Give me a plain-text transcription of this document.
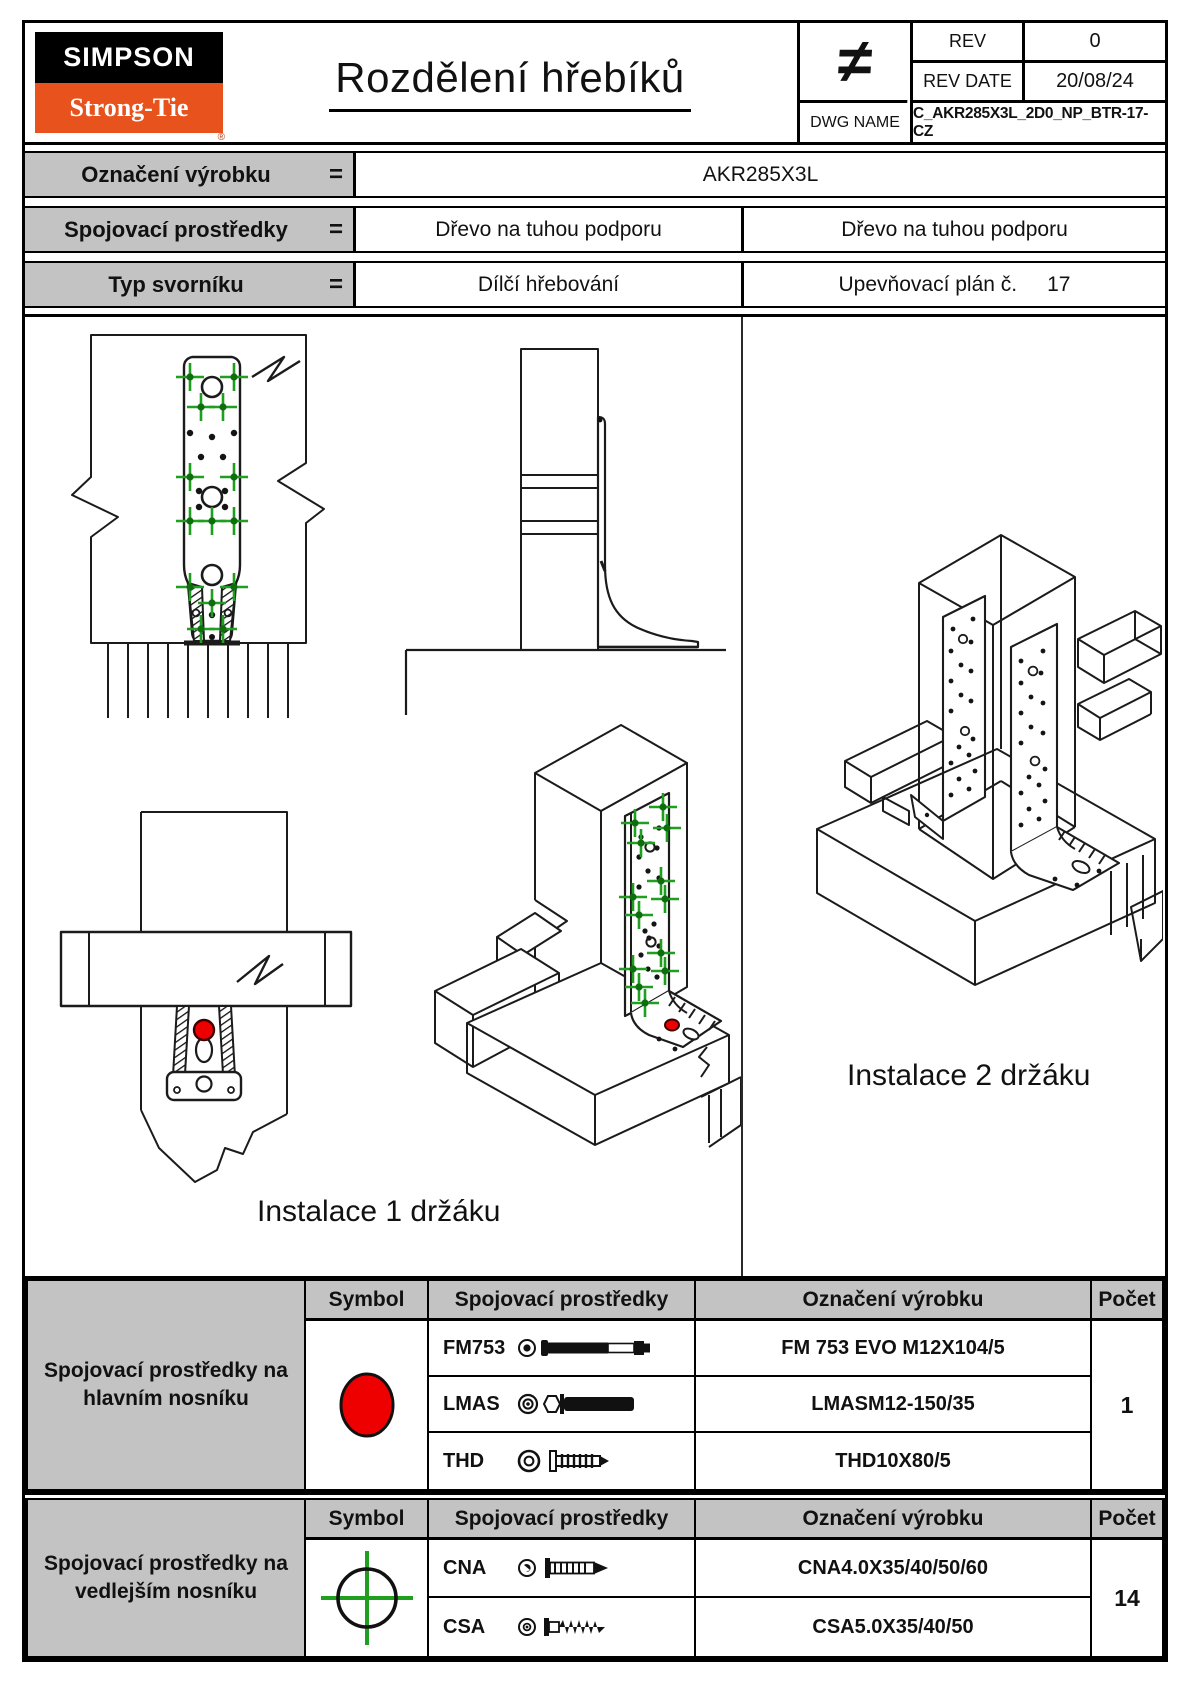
SIMPSON
Strong-Tie
®
Rozdělení hřebíků	≠	REV	0
REV DATE	20/08/24
DWG NAME
C_AKR285X3L_2D0_NP_BTR-17-CZ
Označení výrobku	=	AKR285X3L
Spojovací prostředky	=	Dřevo na tuhou podporu	Dřevo na tuhou podporu
Typ svorníku	=	Dílčí hřebování	Upevňovací plán č. 17
Instalace 1 držáku
Instalace 2 držáku
Spojovací prostředky na hlavním nosníku
Symbol	Spojovací prostředky	Označení výrobku	Počet
FM753	FM 753 EVO M12X104/5
LMAS	LMASM12-150/35
THD	THD10X80/5
1
Spojovací prostředky na vedlejším nosníku
Symbol	Spojovací prostředky	Označení výrobku	Počet
CNA	CNA4.0X35/40/50/60
CSA	CSA5.0X35/40/50
14
